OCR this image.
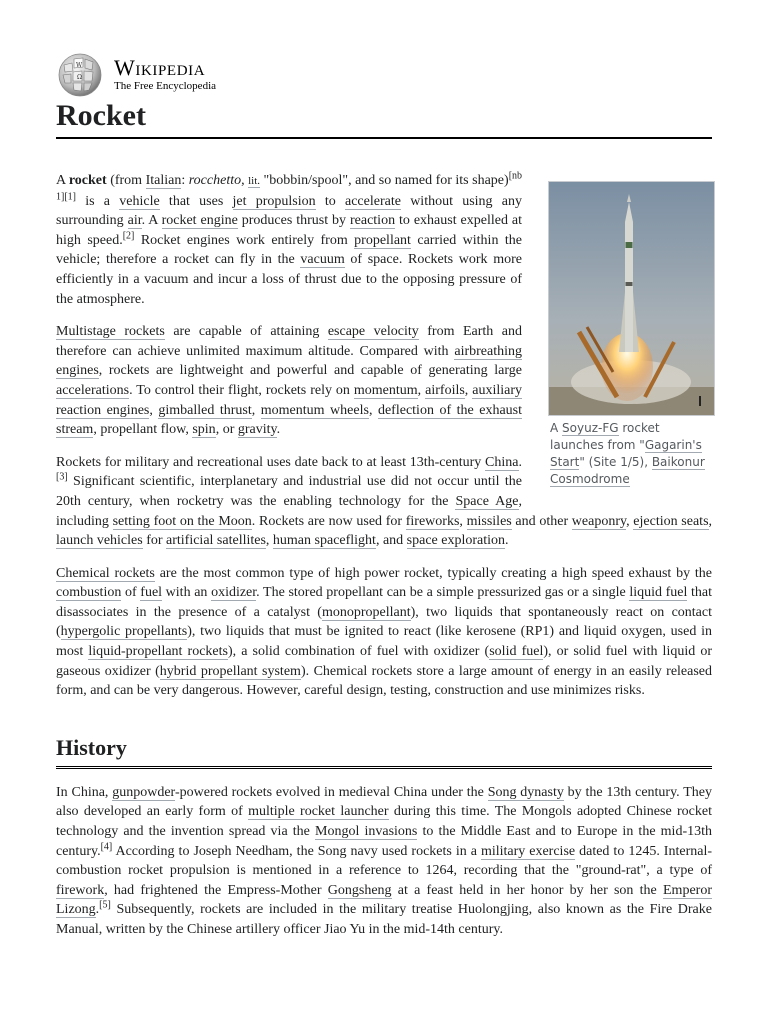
W
Ω Wikipedia
The Free Encyclopedia
Rocket
A Soyuz-FG rocket launches from "Gagarin's Start" (Site 1/5), Baikonur Cosmodrome

A rocket (from Italian: rocchetto, lit. "bobbin/spool", and so named for its shape)[nb 1][1] is a vehicle that uses jet propulsion to accelerate without using any surrounding air. A rocket engine produces thrust by reaction to exhaust expelled at high speed.[2] Rocket engines work entirely from propellant carried within the vehicle; therefore a rocket can fly in the vacuum of space. Rockets work more efficiently in a vacuum and incur a loss of thrust due to the opposing pressure of the atmosphere.

Multistage rockets are capable of attaining escape velocity from Earth and therefore can achieve unlimited maximum altitude. Compared with airbreathing engines, rockets are lightweight and powerful and capable of generating large accelerations. To control their flight, rockets rely on momentum, airfoils, auxiliary reaction engines, gimballed thrust, momentum wheels, deflection of the exhaust stream, propellant flow, spin, or gravity.

Rockets for military and recreational uses date back to at least 13th-century China.[3] Significant scientific, interplanetary and industrial use did not occur until the 20th century, when rocketry was the enabling technology for the Space Age, including setting foot on the Moon. Rockets are now used for fireworks, missiles and other weaponry, ejection seats, launch vehicles for artificial satellites, human spaceflight, and space exploration.

Chemical rockets are the most common type of high power rocket, typically creating a high speed exhaust by the combustion of fuel with an oxidizer. The stored propellant can be a simple pressurized gas or a single liquid fuel that disassociates in the presence of a catalyst (monopropellant), two liquids that spontaneously react on contact (hypergolic propellants), two liquids that must be ignited to react (like kerosene (RP1) and liquid oxygen, used in most liquid-propellant rockets), a solid combination of fuel with oxidizer (solid fuel), or solid fuel with liquid or gaseous oxidizer (hybrid propellant system). Chemical rockets store a large amount of energy in an easily released form, and can be very dangerous. However, careful design, testing, construction and use minimizes risks.

History

In China, gunpowder-powered rockets evolved in medieval China under the Song dynasty by the 13th century. They also developed an early form of multiple rocket launcher during this time. The Mongols adopted Chinese rocket technology and the invention spread via the Mongol invasions to the Middle East and to Europe in the mid-13th century.[4] According to Joseph Needham, the Song navy used rockets in a military exercise dated to 1245. Internal-combustion rocket propulsion is mentioned in a reference to 1264, recording that the "ground-rat", a type of firework, had frightened the Empress-Mother Gongsheng at a feast held in her honor by her son the Emperor Lizong.[5] Subsequently, rockets are included in the military treatise Huolongjing, also known as the Fire Drake Manual, written by the Chinese artillery officer Jiao Yu in the mid-14th century.
